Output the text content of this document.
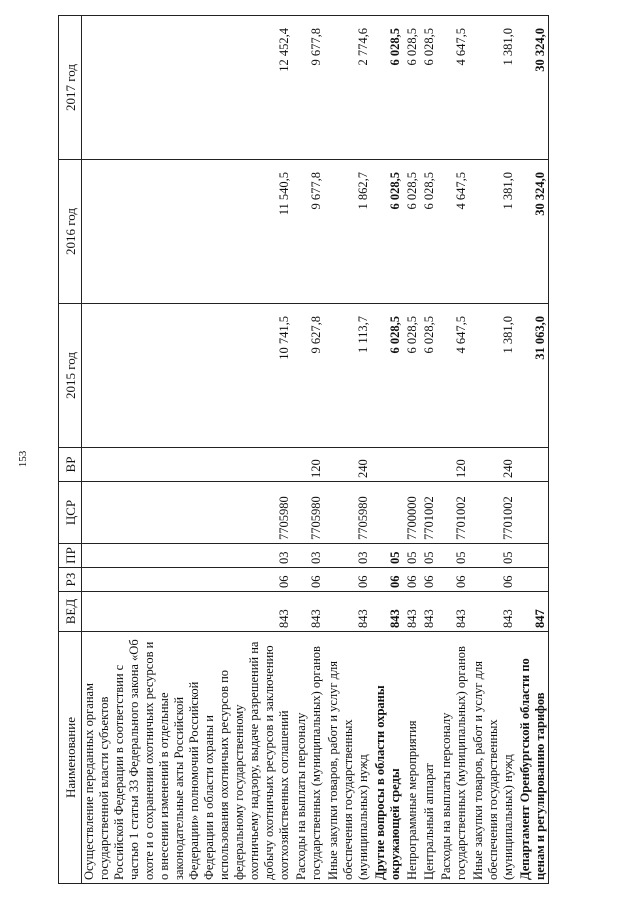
153
Наименование	ВЕД	РЗ	ПР	ЦСР	ВР	2015 год	2016 год	2017 год
Осуществление переданных органам государственной власти субъектов Российской Федерации в соответствии с частью 1 статьи 33 Федерального закона «Об охоте и о сохранении охотничьих ресурсов и о внесении изменений в отдельные законодательные акты Российской Федерации» полномочий Российской Федерации в области охраны и использования охотничьих ресурсов по федеральному государственному охотничьему надзору, выдаче разрешений на добычу охотничьих ресурсов и заключению охотхозяйственных соглашений	843	06	03	7705980		10 741,5	11 540,5	12 452,4
Расходы на выплаты персоналу государственных (муниципальных) органов	843	06	03	7705980	120	9 627,8	9 677,8	9 677,8
Иные закупки товаров, работ и услуг для обеспечения государственных (муниципальных) нужд	843	06	03	7705980	240	1 113,7	1 862,7	2 774,6
Другие вопросы в области охраны окружающей среды	843	06	05			6 028,5	6 028,5	6 028,5
Непрограммные мероприятия	843	06	05	7700000		6 028,5	6 028,5	6 028,5
Центральный аппарат	843	06	05	7701002		6 028,5	6 028,5	6 028,5
Расходы на выплаты персоналу государственных (муниципальных) органов	843	06	05	7701002	120	4 647,5	4 647,5	4 647,5
Иные закупки товаров, работ и услуг для обеспечения государственных (муниципальных) нужд	843	06	05	7701002	240	1 381,0	1 381,0	1 381,0
Департамент Оренбургской области по ценам и регулированию тарифов	847					31 063,0	30 324,0	30 324,0
